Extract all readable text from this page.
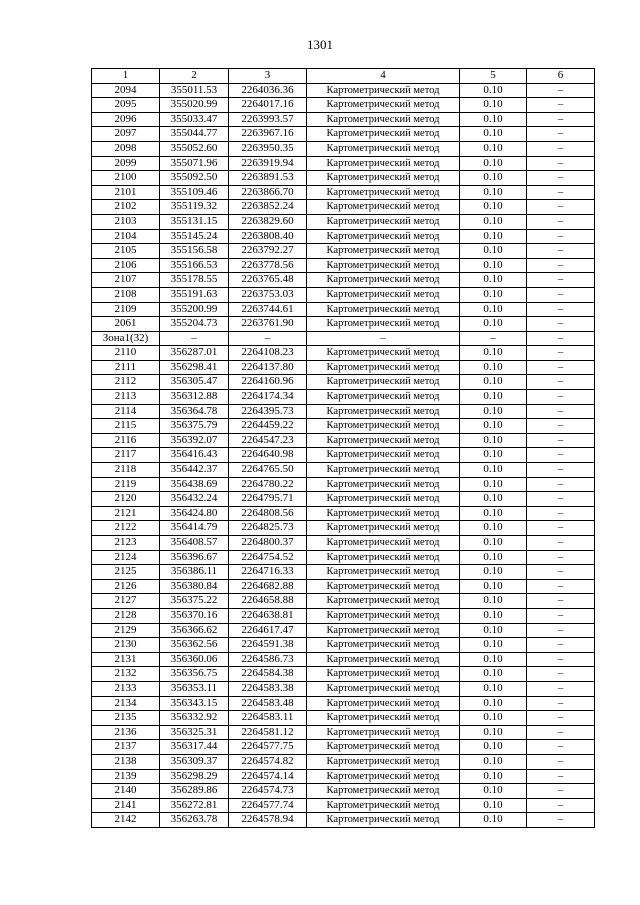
1301
1	2	3	4	5	6
2094	355011.53	2264036.36	Картометрический метод	0.10	–
2095	355020.99	2264017.16	Картометрический метод	0.10	–
2096	355033.47	2263993.57	Картометрический метод	0.10	–
2097	355044.77	2263967.16	Картометрический метод	0.10	–
2098	355052.60	2263950.35	Картометрический метод	0.10	–
2099	355071.96	2263919.94	Картометрический метод	0.10	–
2100	355092.50	2263891.53	Картометрический метод	0.10	–
2101	355109.46	2263866.70	Картометрический метод	0.10	–
2102	355119.32	2263852.24	Картометрический метод	0.10	–
2103	355131.15	2263829.60	Картометрический метод	0.10	–
2104	355145.24	2263808.40	Картометрический метод	0.10	–
2105	355156.58	2263792.27	Картометрический метод	0.10	–
2106	355166.53	2263778.56	Картометрический метод	0.10	–
2107	355178.55	2263765.48	Картометрический метод	0.10	–
2108	355191.63	2263753.03	Картометрический метод	0.10	–
2109	355200.99	2263744.61	Картометрический метод	0.10	–
2061	355204.73	2263761.90	Картометрический метод	0.10	–
Зона1(32)	–	–	–	–	–
2110	356287.01	2264108.23	Картометрический метод	0.10	–
2111	356298.41	2264137.80	Картометрический метод	0.10	–
2112	356305.47	2264160.96	Картометрический метод	0.10	–
2113	356312.88	2264174.34	Картометрический метод	0.10	–
2114	356364.78	2264395.73	Картометрический метод	0.10	–
2115	356375.79	2264459.22	Картометрический метод	0.10	–
2116	356392.07	2264547.23	Картометрический метод	0.10	–
2117	356416.43	2264640.98	Картометрический метод	0.10	–
2118	356442.37	2264765.50	Картометрический метод	0.10	–
2119	356438.69	2264780.22	Картометрический метод	0.10	–
2120	356432.24	2264795.71	Картометрический метод	0.10	–
2121	356424.80	2264808.56	Картометрический метод	0.10	–
2122	356414.79	2264825.73	Картометрический метод	0.10	–
2123	356408.57	2264800.37	Картометрический метод	0.10	–
2124	356396.67	2264754.52	Картометрический метод	0.10	–
2125	356386.11	2264716.33	Картометрический метод	0.10	–
2126	356380.84	2264682.88	Картометрический метод	0.10	–
2127	356375.22	2264658.88	Картометрический метод	0.10	–
2128	356370.16	2264638.81	Картометрический метод	0.10	–
2129	356366.62	2264617.47	Картометрический метод	0.10	–
2130	356362.56	2264591.38	Картометрический метод	0.10	–
2131	356360.06	2264586.73	Картометрический метод	0.10	–
2132	356356.75	2264584.38	Картометрический метод	0.10	–
2133	356353.11	2264583.38	Картометрический метод	0.10	–
2134	356343.15	2264583.48	Картометрический метод	0.10	–
2135	356332.92	2264583.11	Картометрический метод	0.10	–
2136	356325.31	2264581.12	Картометрический метод	0.10	–
2137	356317.44	2264577.75	Картометрический метод	0.10	–
2138	356309.37	2264574.82	Картометрический метод	0.10	–
2139	356298.29	2264574.14	Картометрический метод	0.10	–
2140	356289.86	2264574.73	Картометрический метод	0.10	–
2141	356272.81	2264577.74	Картометрический метод	0.10	–
2142	356263.78	2264578.94	Картометрический метод	0.10	–
